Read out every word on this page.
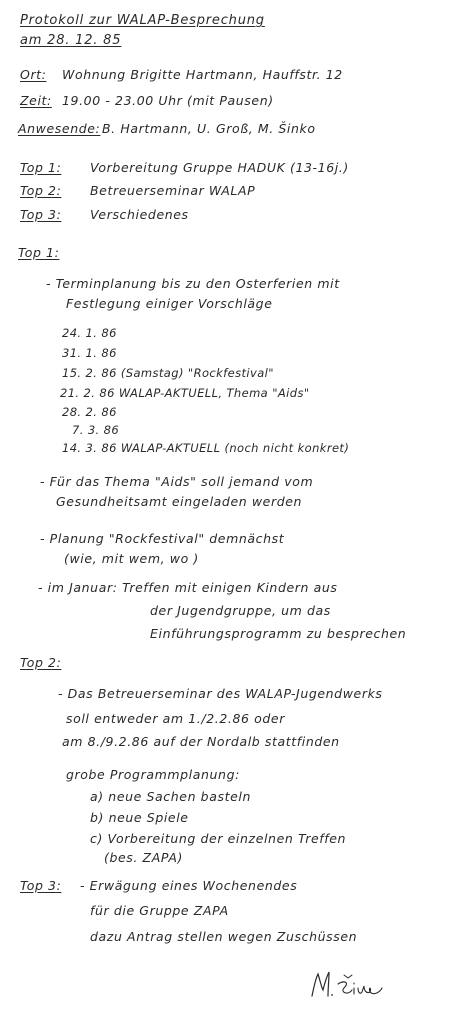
Protokoll zur WALAP-Besprechung
am 28. 12. 85
Ort: Wohnung Brigitte Hartmann, Hauffstr. 12
Zeit: 19.00 - 23.00 Uhr (mit Pausen)
Anwesende: B. Hartmann, U. Groß, M. Šinko
Top 1: Vorbereitung Gruppe HADUK (13-16j.)
Top 2: Betreuerseminar WALAP
Top 3: Verschiedenes
Top 1:
- Terminplanung bis zu den Osterferien mit
Festlegung einiger Vorschläge
24. 1. 86
31. 1. 86
15. 2. 86 (Samstag) "Rockfestival"
21. 2. 86 WALAP-AKTUELL, Thema "Aids"
28. 2. 86
7. 3. 86
14. 3. 86 WALAP-AKTUELL (noch nicht konkret)
- Für das Thema "Aids" soll jemand vom
Gesundheitsamt eingeladen werden
- Planung "Rockfestival" demnächst
(wie, mit wem, wo )
- im Januar: Treffen mit einigen Kindern aus
der Jugendgruppe, um das
Einführungsprogramm zu besprechen
Top 2:
- Das Betreuerseminar des WALAP-Jugendwerks
soll entweder am 1./2.2.86 oder
am 8./9.2.86 auf der Nordalb stattfinden
grobe Programmplanung:
a) neue Sachen basteln
b) neue Spiele
c) Vorbereitung der einzelnen Treffen
(bes. ZAPA)
Top 3: - Erwägung eines Wochenendes
für die Gruppe ZAPA
dazu Antrag stellen wegen Zuschüssen
